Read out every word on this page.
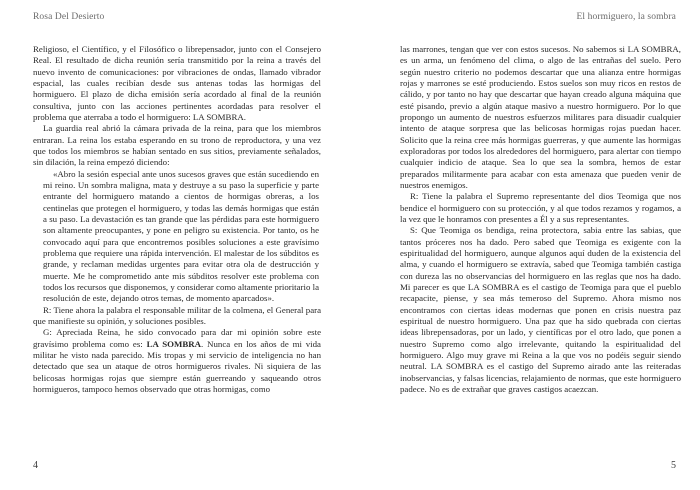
Rosa Del Desierto

Religioso, el Científico, y el Filosófico o librepensador, junto con el Consejero Real. El resultado de dicha reunión sería transmitido por la reina a través del nuevo invento de comunicaciones: por vibraciones de ondas, llamado vibrador espacial, las cuales recibían desde sus antenas todas las hormigas del hormiguero. El plazo de dicha emisión sería acordado al final de la reunión consultiva, junto con las acciones pertinentes acordadas para resolver el problema que aterraba a todo el hormiguero: LA SOMBRA.

La guardia real abrió la cámara privada de la reina, para que los miembros entraran. La reina los estaba esperando en su trono de reproductora, y una vez que todos los miembros se habían sentado en sus sitios, previamente señalados, sin dilación, la reina empezó diciendo:

«Abro la sesión especial ante unos sucesos graves que están sucediendo en mi reino. Un sombra maligna, mata y destruye a su paso la superficie y parte entrante del hormiguero matando a cientos de hormigas obreras, a los centinelas que protegen el hormiguero, y todas las demás hormigas que están a su paso. La devastación es tan grande que las pérdidas para este hormiguero son altamente preocupantes, y pone en peligro su existencia. Por tanto, os he convocado aquí para que encontremos posibles soluciones a este gravísimo problema que requiere una rápida intervención. El malestar de los súbditos es grande, y reclaman medidas urgentes para evitar otra ola de destrucción y muerte. Me he comprometido ante mis súbditos resolver este problema con todos los recursos que disponemos, y considerar como altamente prioritario la resolución de este, dejando otros temas, de momento aparcados».

R: Tiene ahora la palabra el responsable militar de la colmena, el General para que manifieste su opinión, y soluciones posibles.

G: Apreciada Reina, he sido convocado para dar mi opinión sobre este gravísimo problema como es: LA SOMBRA. Nunca en los años de mi vida militar he visto nada parecido. Mis tropas y mi servicio de inteligencia no han detectado que sea un ataque de otros hormigueros rivales. Ni siquiera de las belicosas hormigas rojas que siempre están guerreando y saqueando otros hormigueros, tampoco hemos observado que otras hormigas, como

4
El hormiguero, la sombra

las marrones, tengan que ver con estos sucesos. No sabemos si LA SOMBRA, es un arma, un fenómeno del clima, o algo de las entrañas del suelo. Pero según nuestro criterio no podemos descartar que una alianza entre hormigas rojas y marrones se esté produciendo. Estos suelos son muy ricos en restos de cálido, y por tanto no hay que descartar que hayan creado alguna máquina que esté pisando, previo a algún ataque masivo a nuestro hormiguero. Por lo que propongo un aumento de nuestros esfuerzos militares para disuadir cualquier intento de ataque sorpresa que las belicosas hormigas rojas puedan hacer. Solicito que la reina cree más hormigas guerreras, y que aumente las hormigas exploradoras por todos los alrededores del hormiguero, para alertar con tiempo cualquier indicio de ataque. Sea lo que sea la sombra, hemos de estar preparados militarmente para acabar con esta amenaza que pueden venir de nuestros enemigos.

R: Tiene la palabra el Supremo representante del dios Teomiga que nos bendice el hormiguero con su protección, y al que todos rezamos y rogamos, a la vez que le honramos con presentes a Él y a sus representantes.

S: Que Teomiga os bendiga, reina protectora, sabia entre las sabias, que tantos próceres nos ha dado. Pero sabed que Teomiga es exigente con la espiritualidad del hormiguero, aunque algunos aquí duden de la existencia del alma, y cuando el hormiguero se extravía, sabed que Teomiga también castiga con dureza las no observancias del hormiguero en las reglas que nos ha dado. Mi parecer es que LA SOMBRA es el castigo de Teomiga para que el pueblo recapacite, piense, y sea más temeroso del Supremo. Ahora mismo nos encontramos con ciertas ideas modernas que ponen en crisis nuestra paz espiritual de nuestro hormiguero. Una paz que ha sido quebrada con ciertas ideas librepensadoras, por un lado, y científicas por el otro lado, que ponen a nuestro Supremo como algo irrelevante, quitando la espiritualidad del hormiguero. Algo muy grave mi Reina a la que vos no podéis seguir siendo neutral. LA SOMBRA es el castigo del Supremo airado ante las reiteradas inobservancias, y falsas licencias, relajamiento de normas, que este hormiguero padece. No es de extrañar que graves castigos acaezcan.

5
